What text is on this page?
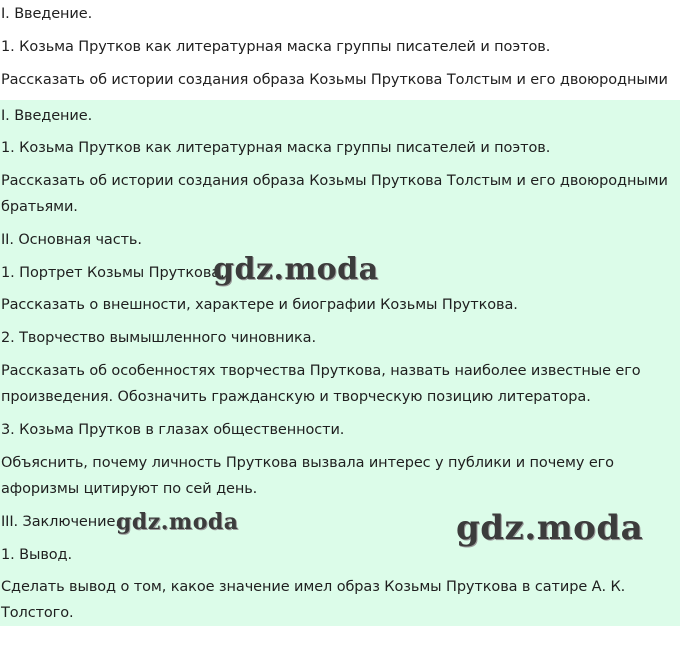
I. Введение.
1. Козьма Прутков как литературная маска группы писателей и поэтов.
Рассказать об истории создания образа Козьмы Пруткова Толстым и его двоюродными
I. Введение.
1. Козьма Прутков как литературная маска группы писателей и поэтов.
Рассказать об истории создания образа Козьмы Пруткова Толстым и его двоюродными
братьями.
II. Основная часть.
1. Портрет Козьмы Пруткова.
Рассказать о внешности, характере и биографии Козьмы Пруткова.
2. Творчество вымышленного чиновника.
Рассказать об особенностях творчества Пруткова, назвать наиболее известные его
произведения. Обозначить гражданскую и творческую позицию литератора.
3. Козьма Прутков в глазах общественности.
Объяснить, почему личность Пруткова вызвала интерес у публики и почему его
афоризмы цитируют по сей день.
III. Заключение.
1. Вывод.
Сделать вывод о том, какое значение имел образ Козьмы Пруткова в сатире А. К.
Толстого.
gdz.moda
gdz.moda	gdz.moda
